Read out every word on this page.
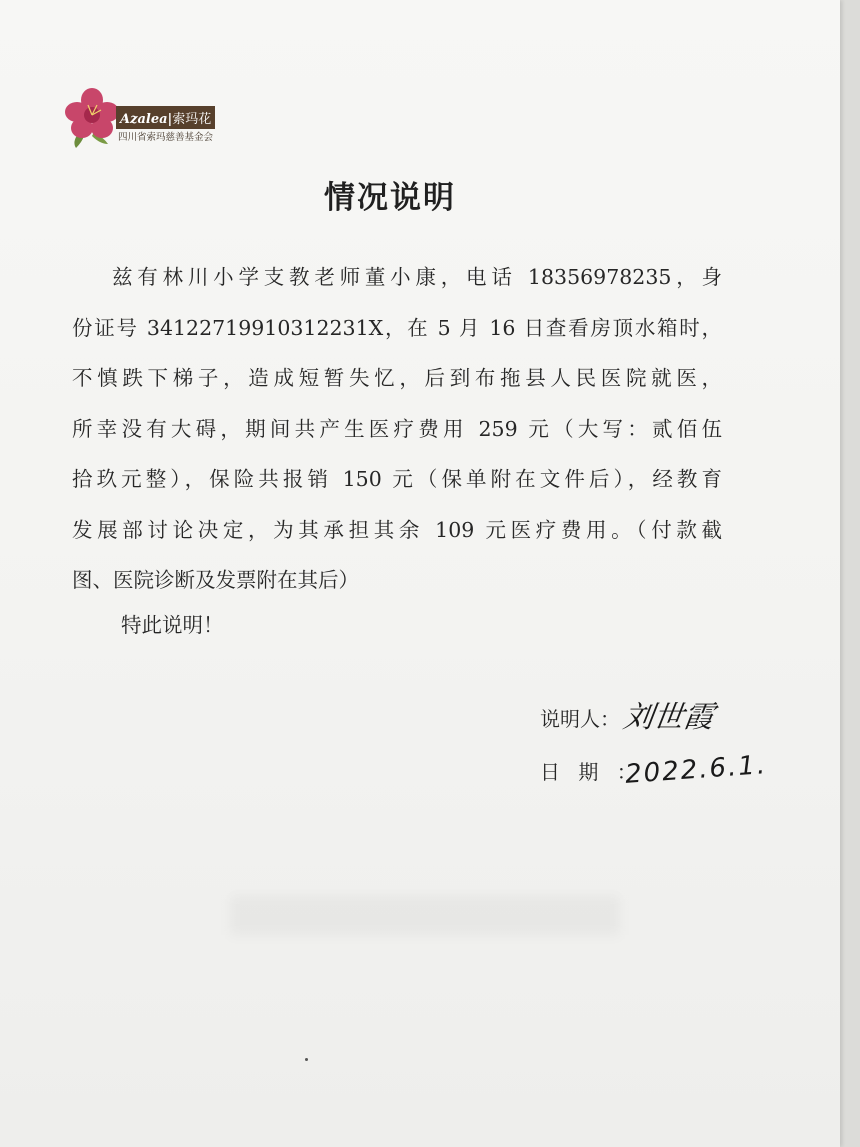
Azalea|索玛花
四川省索玛慈善基金会
情况说明
兹有林川小学支教老师董小康，电话 18356978235，身
份证号 34122719910312231X，在 5 月 16 日查看房顶水箱时，
不慎跌下梯子，造成短暂失忆，后到布拖县人民医院就医，
所幸没有大碍，期间共产生医疗费用 259 元（大写：贰佰伍
拾玖元整），保险共报销 150 元（保单附在文件后），经教育
发展部讨论决定，为其承担其余 109 元医疗费用。（付款截
图、医院诊断及发票附在其后）
特此说明！
说明人： 刘世霞
日 期 ：
2022.6.1.
